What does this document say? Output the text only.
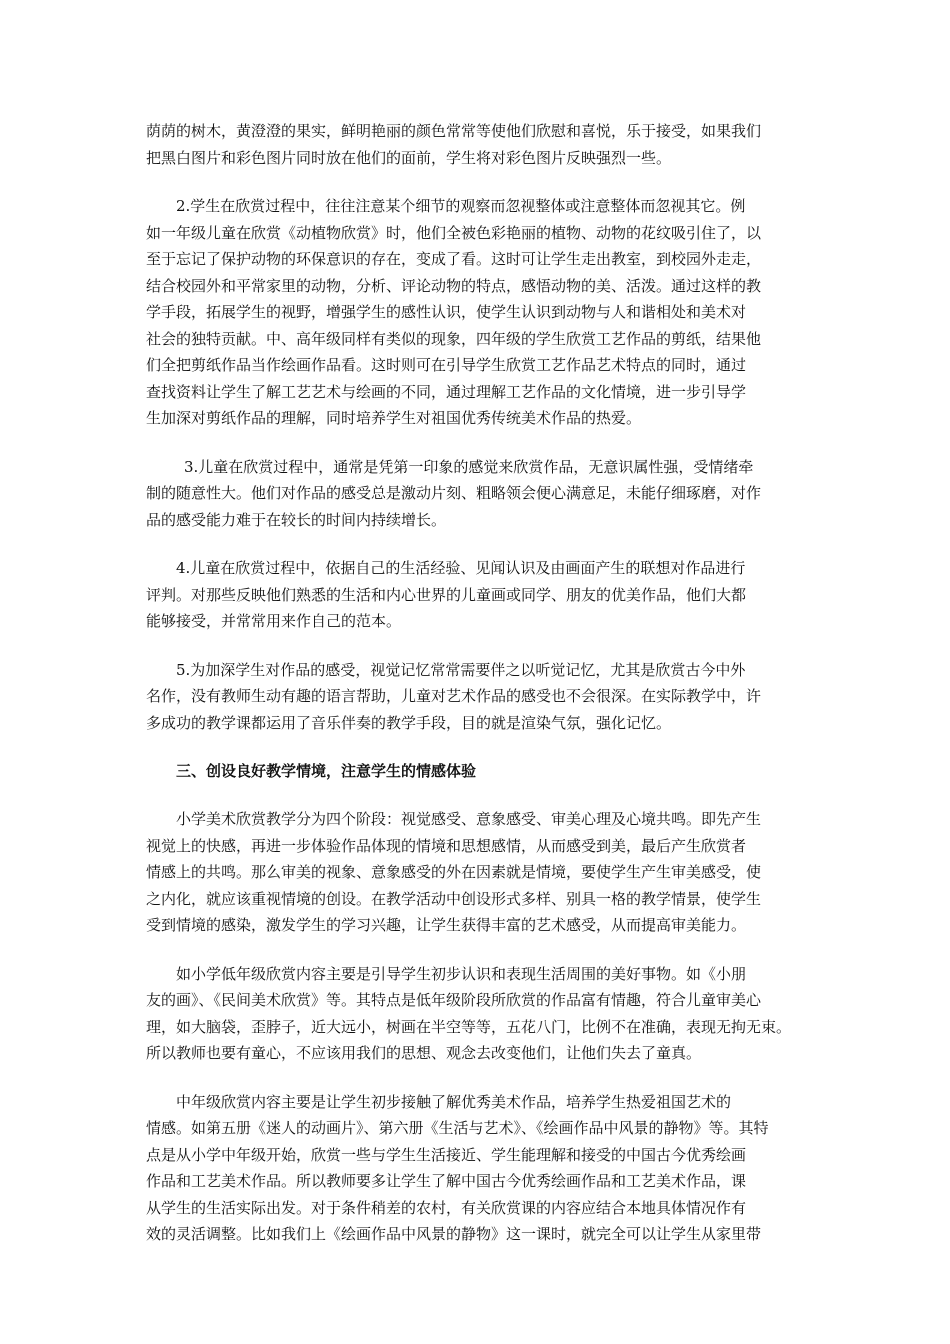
荫荫的树木，黄澄澄的果实，鲜明艳丽的颜色常常等使他们欣慰和喜悦，乐于接受，如果我们
把黑白图片和彩色图片同时放在他们的面前，学生将对彩色图片反映强烈一些。

2.学生在欣赏过程中，往往注意某个细节的观察而忽视整体或注意整体而忽视其它。例
如一年级儿童在欣赏《动植物欣赏》时，他们全被色彩艳丽的植物、动物的花纹吸引住了，以
至于忘记了保护动物的环保意识的存在，变成了看。这时可让学生走出教室，到校园外走走，
结合校园外和平常家里的动物，分析、评论动物的特点，感悟动物的美、活泼。通过这样的教
学手段，拓展学生的视野，增强学生的感性认识，使学生认识到动物与人和谐相处和美术对
社会的独特贡献。中、高年级同样有类似的现象，四年级的学生欣赏工艺作品的剪纸，结果他
们全把剪纸作品当作绘画作品看。这时则可在引导学生欣赏工艺作品艺术特点的同时，通过
查找资料让学生了解工艺艺术与绘画的不同，通过理解工艺作品的文化情境，进一步引导学
生加深对剪纸作品的理解，同时培养学生对祖国优秀传统美术作品的热爱。

3.儿童在欣赏过程中，通常是凭第一印象的感觉来欣赏作品，无意识属性强，受情绪牵
制的随意性大。他们对作品的感受总是激动片刻、粗略领会便心满意足，未能仔细琢磨，对作
品的感受能力难于在较长的时间内持续增长。

4.儿童在欣赏过程中，依据自己的生活经验、见闻认识及由画面产生的联想对作品进行
评判。对那些反映他们熟悉的生活和内心世界的儿童画或同学、朋友的优美作品，他们大都
能够接受，并常常用来作自己的范本。

5.为加深学生对作品的感受，视觉记忆常常需要伴之以听觉记忆，尤其是欣赏古今中外
名作，没有教师生动有趣的语言帮助，儿童对艺术作品的感受也不会很深。在实际教学中，许
多成功的教学课都运用了音乐伴奏的教学手段，目的就是渲染气氛，强化记忆。

三、创设良好教学情境，注意学生的情感体验

小学美术欣赏教学分为四个阶段：视觉感受、意象感受、审美心理及心境共鸣。即先产生
视觉上的快感，再进一步体验作品体现的情境和思想感情，从而感受到美，最后产生欣赏者
情感上的共鸣。那么审美的视象、意象感受的外在因素就是情境，要使学生产生审美感受，使
之内化，就应该重视情境的创设。在教学活动中创设形式多样、别具一格的教学情景，使学生
受到情境的感染，激发学生的学习兴趣，让学生获得丰富的艺术感受，从而提高审美能力。

如小学低年级欣赏内容主要是引导学生初步认识和表现生活周围的美好事物。如《小朋
友的画》、《民间美术欣赏》等。其特点是低年级阶段所欣赏的作品富有情趣，符合儿童审美心
理，如大脑袋，歪脖子，近大远小，树画在半空等等，五花八门，比例不在准确，表现无拘无束。
所以教师也要有童心，不应该用我们的思想、观念去改变他们，让他们失去了童真。

中年级欣赏内容主要是让学生初步接触了解优秀美术作品，培养学生热爱祖国艺术的
情感。如第五册《迷人的动画片》、第六册《生活与艺术》、《绘画作品中风景的静物》等。其特
点是从小学中年级开始，欣赏一些与学生生活接近、学生能理解和接受的中国古今优秀绘画
作品和工艺美术作品。所以教师要多让学生了解中国古今优秀绘画作品和工艺美术作品，课
从学生的生活实际出发。对于条件稍差的农村，有关欣赏课的内容应结合本地具体情况作有
效的灵活调整。比如我们上《绘画作品中风景的静物》这一课时，就完全可以让学生从家里带
